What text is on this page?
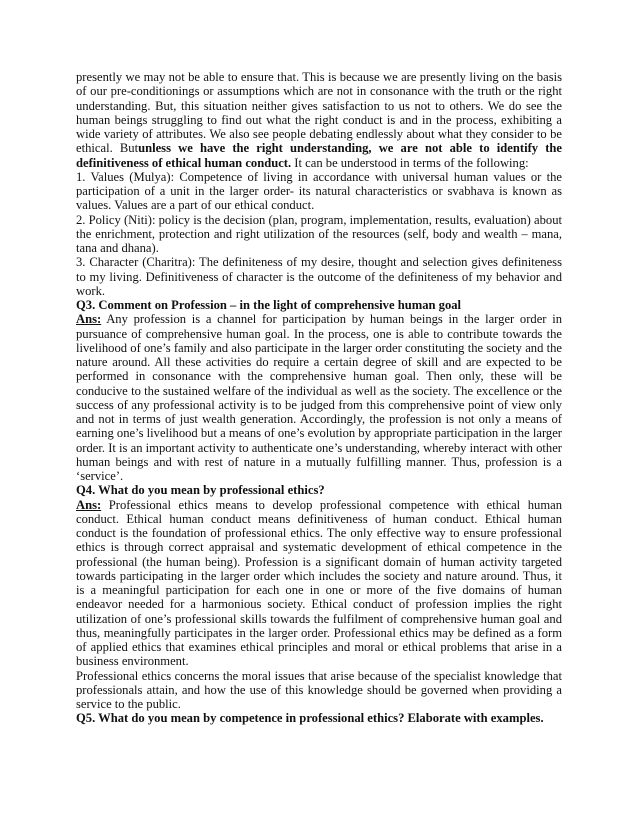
presently we may not be able to ensure that. This is because we are presently living on the basis of our pre-conditionings or assumptions which are not in consonance with the truth or the right understanding. But, this situation neither gives satisfaction to us not to others. We do see the human beings struggling to find out what the right conduct is and in the process, exhibiting a wide variety of attributes. We also see people debating endlessly about what they consider to be ethical. Butunless we have the right understanding, we are not able to identify the definitiveness of ethical human conduct. It can be understood in terms of the following:

1. Values (Mulya): Competence of living in accordance with universal human values or the participation of a unit in the larger order- its natural characteristics or svabhava is known as values. Values are a part of our ethical conduct.

2. Policy (Niti): policy is the decision (plan, program, implementation, results, evaluation) about the enrichment, protection and right utilization of the resources (self, body and wealth – mana, tana and dhana).

3. Character (Charitra): The definiteness of my desire, thought and selection gives definiteness to my living. Definitiveness of character is the outcome of the definiteness of my behavior and work.

Q3. Comment on Profession – in the light of comprehensive human goal

Ans: Any profession is a channel for participation by human beings in the larger order in pursuance of comprehensive human goal. In the process, one is able to contribute towards the livelihood of one’s family and also participate in the larger order constituting the society and the nature around. All these activities do require a certain degree of skill and are expected to be performed in consonance with the comprehensive human goal. Then only, these will be conducive to the sustained welfare of the individual as well as the society. The excellence or the success of any professional activity is to be judged from this comprehensive point of view only and not in terms of just wealth generation. Accordingly, the profession is not only a means of earning one’s livelihood but a means of one’s evolution by appropriate participation in the larger order. It is an important activity to authenticate one’s understanding, whereby interact with other human beings and with rest of nature in a mutually fulfilling manner. Thus, profession is a ‘service’.

Q4. What do you mean by professional ethics?

Ans: Professional ethics means to develop professional competence with ethical human conduct. Ethical human conduct means definitiveness of human conduct. Ethical human conduct is the foundation of professional ethics. The only effective way to ensure professional ethics is through correct appraisal and systematic development of ethical competence in the professional (the human being). Profession is a significant domain of human activity targeted towards participating in the larger order which includes the society and nature around. Thus, it is a meaningful participation for each one in one or more of the five domains of human endeavor needed for a harmonious society. Ethical conduct of profession implies the right utilization of one’s professional skills towards the fulfilment of comprehensive human goal and thus, meaningfully participates in the larger order. Professional ethics may be defined as a form of applied ethics that examines ethical principles and moral or ethical problems that arise in a business environment.

Professional ethics concerns the moral issues that arise because of the specialist knowledge that professionals attain, and how the use of this knowledge should be governed when providing a service to the public.

Q5. What do you mean by competence in professional ethics? Elaborate with examples.
